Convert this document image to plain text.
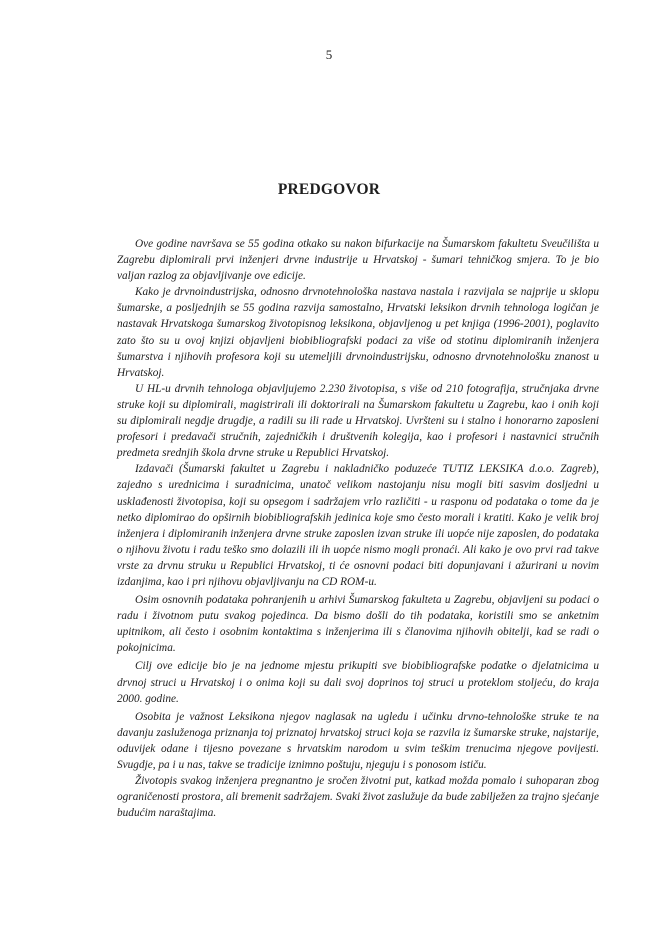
5
PREDGOVOR

Ove godine navršava se 55 godina otkako su nakon bifurkacije na Šumarskom fakultetu Sveučilišta u Zagrebu diplomirali prvi inženjeri drvne industrije u Hrvatskoj - šumari tehničkog smjera. To je bio valjan razlog za objavljivanje ove edicije.

Kako je drvnoindustrijska, odnosno drvnotehnološka nastava nastala i razvijala se najprije u sklopu šumarske, a posljednjih se 55 godina razvija samostalno, Hrvatski leksikon drvnih tehnologa logičan je nastavak Hrvatskoga šumarskog životopisnog leksikona, objavljenog u pet knjiga (1996-2001), poglavito zato što su u ovoj knjizi objavljeni biobibliografski podaci za više od stotinu diplomiranih inženjera šumarstva i njihovih profesora koji su utemeljili drvnoindustrijsku, odnosno drvnotehnološku znanost u Hrvatskoj.

U HL-u drvnih tehnologa objavljujemo 2.230 životopisa, s više od 210 fotografija, stručnjaka drvne struke koji su diplomirali, magistrirali ili doktorirali na Šumarskom fakultetu u Zagrebu, kao i onih koji su diplomirali negdje drugdje, a radili su ili rade u Hrvatskoj. Uvršteni su i stalno i honorarno zaposleni profesori i predavači stručnih, zajedničkih i društvenih kolegija, kao i profesori i nastavnici stručnih predmeta srednjih škola drvne struke u Republici Hrvatskoj.

Izdavači (Šumarski fakultet u Zagrebu i nakladničko poduzeće TUTIZ LEKSIKA d.o.o. Zagreb), zajedno s urednicima i suradnicima, unatoč velikom nastojanju nisu mogli biti sasvim dosljedni u usklađenosti životopisa, koji su opsegom i sadržajem vrlo različiti - u rasponu od podataka o tome da je netko diplomirao do opširnih biobibliografskih jedinica koje smo često morali i kratiti. Kako je velik broj inženjera i diplomiranih inženjera drvne struke zaposlen izvan struke ili uopće nije zaposlen, do podataka o njihovu životu i radu teško smo dolazili ili ih uopće nismo mogli pronaći. Ali kako je ovo prvi rad takve vrste za drvnu struku u Republici Hrvatskoj, ti će osnovni podaci biti dopunjavani i ažurirani u novim izdanjima, kao i pri njihovu objavljivanju na CD ROM-u.

Osim osnovnih podataka pohranjenih u arhivi Šumarskog fakulteta u Zagrebu, objavljeni su podaci o radu i životnom putu svakog pojedinca. Da bismo došli do tih podataka, koristili smo se anketnim upitnikom, ali često i osobnim kontaktima s inženjerima ili s članovima njihovih obitelji, kad se radi o pokojnicima.

Cilj ove edicije bio je na jednome mjestu prikupiti sve biobibliografske podatke o djelatnicima u drvnoj struci u Hrvatskoj i o onima koji su dali svoj doprinos toj struci u proteklom stoljeću, do kraja 2000. godine.

Osobita je važnost Leksikona njegov naglasak na ugledu i učinku drvno-tehnološke struke te na davanju zasluženoga priznanja toj priznatoj hrvatskoj struci koja se razvila iz šumarske struke, najstarije, oduvijek odane i tijesno povezane s hrvatskim narodom u svim teškim trenucima njegove povijesti. Svugdje, pa i u nas, takve se tradicije iznimno poštuju, njeguju i s ponosom ističu.

Životopis svakog inženjera pregnantno je sročen životni put, katkad možda pomalo i suhoparan zbog ograničenosti prostora, ali bremenit sadržajem. Svaki život zaslužuje da bude zabilježen za trajno sjećanje budućim naraštajima.
